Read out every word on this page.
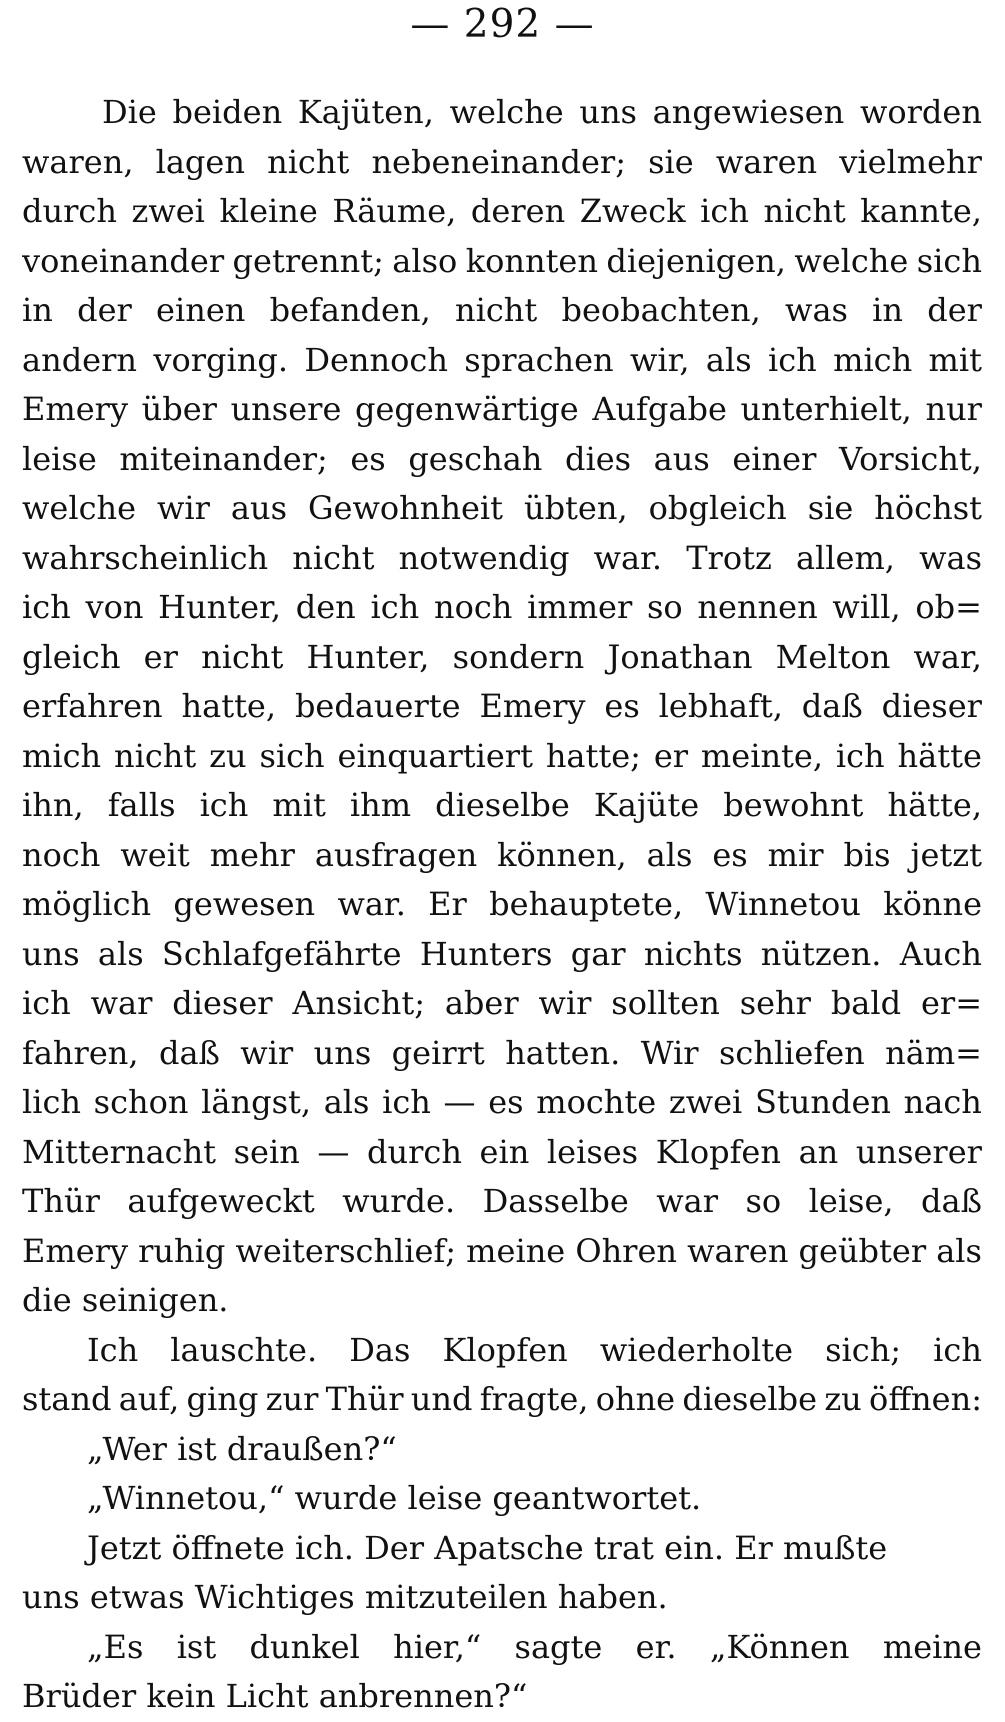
— 292 —
Die beiden Kajüten, welche uns angewiesen worden
waren, lagen nicht nebeneinander; sie waren vielmehr
durch zwei kleine Räume, deren Zweck ich nicht kannte,
voneinander getrennt; also konnten diejenigen, welche sich
in der einen befanden, nicht beobachten, was in der
andern vorging. Dennoch sprachen wir, als ich mich mit
Emery über unsere gegenwärtige Aufgabe unterhielt, nur
leise miteinander; es geschah dies aus einer Vorsicht,
welche wir aus Gewohnheit übten, obgleich sie höchst
wahrscheinlich nicht notwendig war. Trotz allem, was
ich von Hunter, den ich noch immer so nennen will, ob=
gleich er nicht Hunter, sondern Jonathan Melton war,
erfahren hatte, bedauerte Emery es lebhaft, daß dieser
mich nicht zu sich einquartiert hatte; er meinte, ich hätte
ihn, falls ich mit ihm dieselbe Kajüte bewohnt hätte,
noch weit mehr ausfragen können, als es mir bis jetzt
möglich gewesen war. Er behauptete, Winnetou könne
uns als Schlafgefährte Hunters gar nichts nützen. Auch
ich war dieser Ansicht; aber wir sollten sehr bald er=
fahren, daß wir uns geirrt hatten. Wir schliefen näm=
lich schon längst, als ich — es mochte zwei Stunden nach
Mitternacht sein — durch ein leises Klopfen an unserer
Thür aufgeweckt wurde. Dasselbe war so leise, daß
Emery ruhig weiterschlief; meine Ohren waren geübter als
die seinigen.
Ich lauschte. Das Klopfen wiederholte sich; ich
stand auf, ging zur Thür und fragte, ohne dieselbe zu öffnen:
„Wer ist draußen?“
„Winnetou,“ wurde leise geantwortet.
Jetzt öffnete ich. Der Apatsche trat ein. Er mußte
uns etwas Wichtiges mitzuteilen haben.
„Es ist dunkel hier,“ sagte er. „Können meine
Brüder kein Licht anbrennen?“
